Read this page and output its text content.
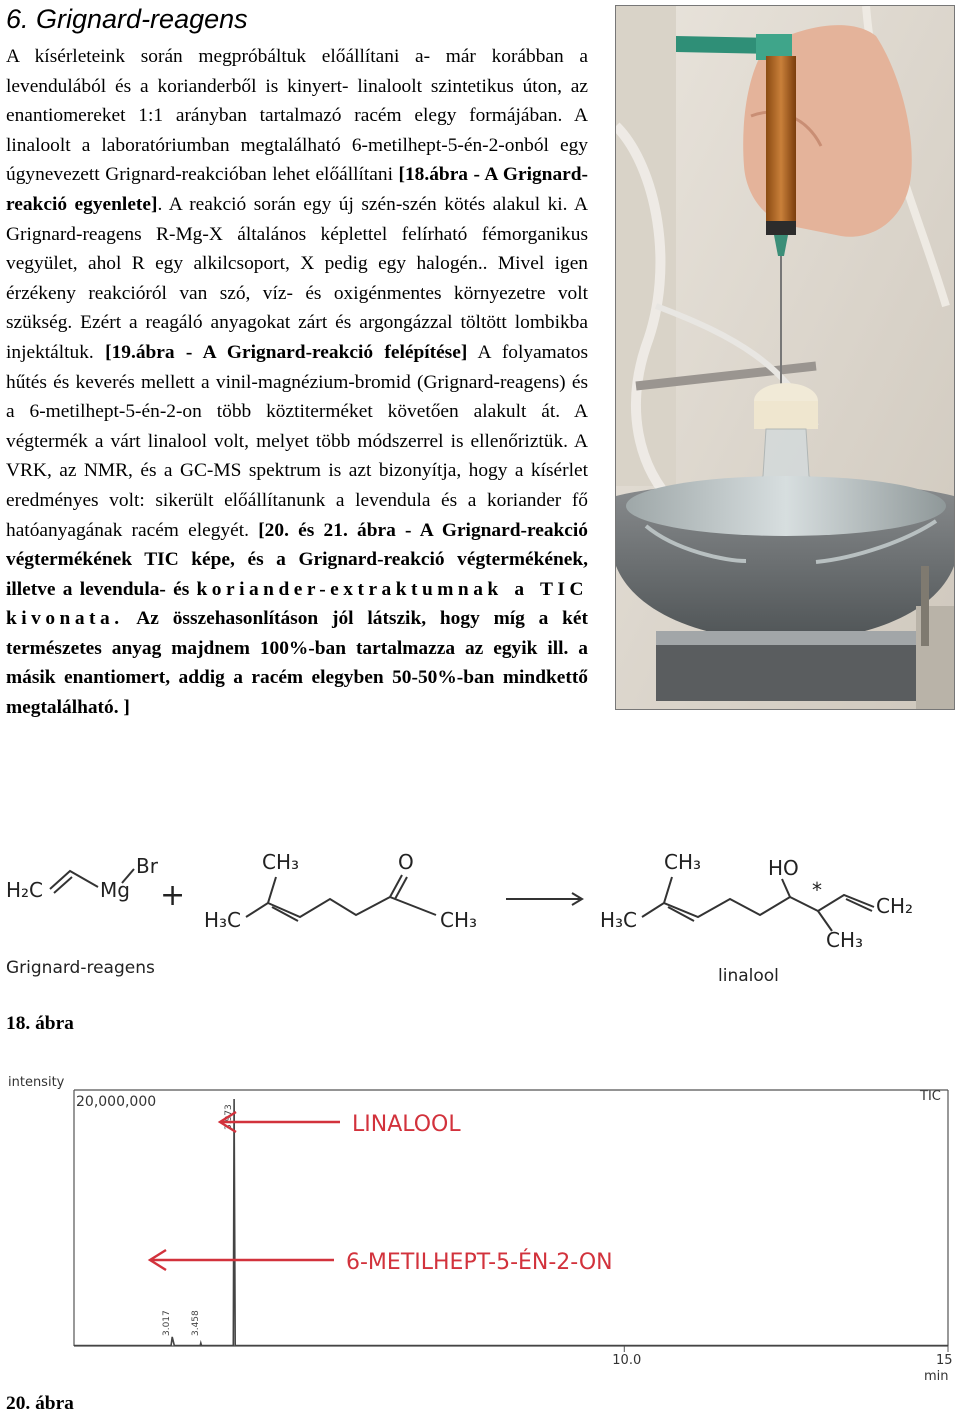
6. Grignard-reagens

A kísérleteink során megpróbáltuk előállítani a- már korábban a levendulából és a korianderből is kinyert- linaloolt szintetikus úton, az enantiomereket 1:1 arányban tartalmazó racém elegy formájában. A linaloolt a laboratóriumban megtalálható 6-metilhept-5-én-2-onból egy úgynevezett Grignard-reakcióban lehet előállítani [18.ábra - A Grignard-reakció egyenlete]. A reakció során egy új szén-szén kötés alakul ki. A Grignard-reagens R-Mg-X általános képlettel felírható fémorganikus vegyület, ahol R egy alkilcsoport, X pedig egy halogén.. Mivel igen érzékeny reakcióról van szó, víz- és oxigénmentes környezetre volt szükség. Ezért a reagáló anyagokat zárt és argongázzal töltött lombikba injektáltuk. [19.ábra - A Grignard-reakció felépítése] A folyamatos hűtés és keverés mellett a vinil-magnézium-bromid (Grignard-reagens) és a 6-metilhept-5-én-2-on több köztiterméket követően alakult át. A végtermék a várt linalool volt, melyet több módszerrel is ellenőriztük. A VRK, az NMR, és a GC-MS spektrum is azt bizonyítja, hogy a kísérlet eredményes volt: sikerült előállítanunk a levendula és a koriander fő hatóanyagának racém elegyét. [20. és 21. ábra - A Grignard-reakció végtermékének TIC képe, és a Grignard-reakció végtermékének, illetve a levendula- és koriander-extraktumnak a TIC kivonata. Az összehasonlításon jól látszik, hogy míg a két természetes anyag majdnem 100%-ban tartalmazza az egyik ill. a másik enantiomert, addig a racém elegyben 50-50%-ban mindkettő megtalálható. ]

H₂C	Mg
Br
+
CH₃
H₃C
O
CH₃
CH₃
H₃C
HO
*
CH₂
CH₃
Grignard-reagens	linalool
18. ábra
intensity
20,000,000	TIC
min
10.0	15
3.017 3.458
3.973	LINALOOL
6-METILHEPT-5-ÉN-2-ON
20. ábra
